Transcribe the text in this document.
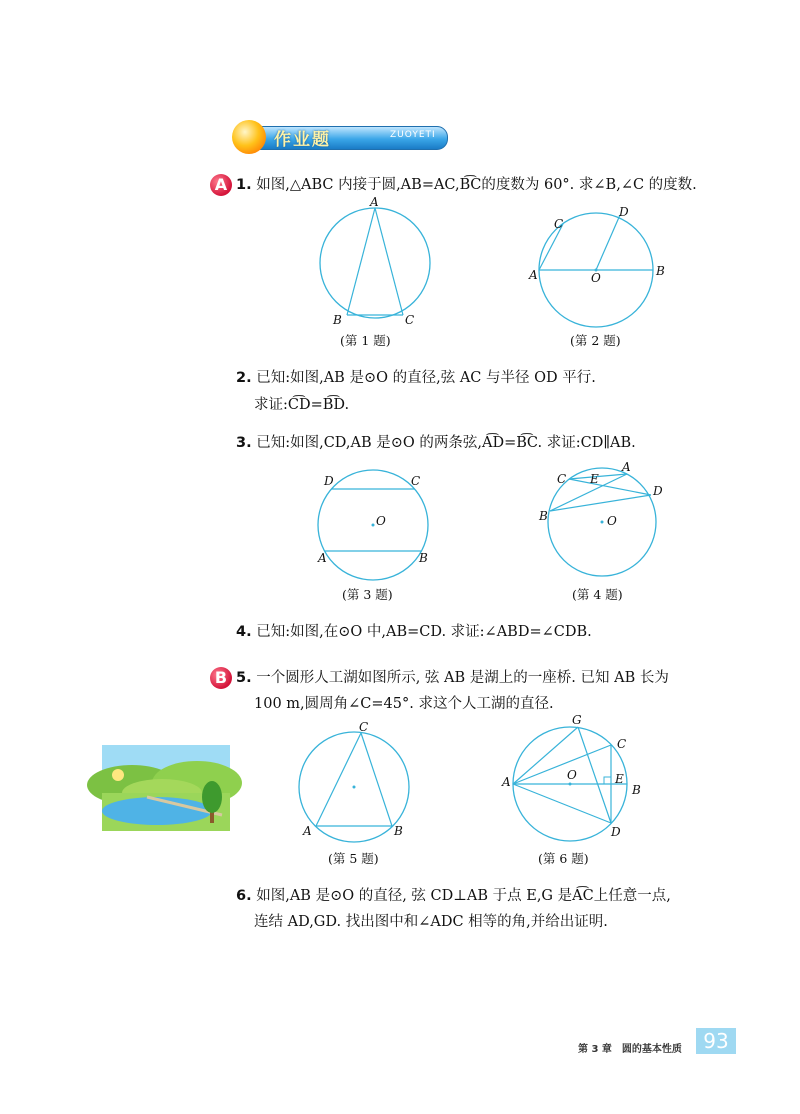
作业题	ZUOYETI
A 1. 如图,△ABC 内接于圆,AB=AC,B͡C的度数为 60°. 求∠B,∠C 的度数.
A
B	C
(第 1 题)
A	B
C
D
O
(第 2 题)
2. 已知:如图,AB 是⊙O 的直径,弦 AC 与半径 OD 平行.
求证:C͡D=B͡D.
3. 已知:如图,CD,AB 是⊙O 的两条弦,A͡D=B͡C. 求证:CD∥AB.
D	C
O
A	B
(第 3 题)
C E
A
D
B	O
(第 4 题)
4. 已知:如图,在⊙O 中,AB=CD. 求证:∠ABD=∠CDB.
B 5. 一个圆形人工湖如图所示, 弦 AB 是湖上的一座桥. 已知 AB 长为
100 m,圆周角∠C=45°. 求这个人工湖的直径.
C
A	B
(第 5 题)
G
C
A	O	E
B
D
(第 6 题)
6. 如图,AB 是⊙O 的直径, 弦 CD⊥AB 于点 E,G 是A͡C上任意一点,
连结 AD,GD. 找出图中和∠ADC 相等的角,并给出证明.
第 3 章　圆的基本性质	93
